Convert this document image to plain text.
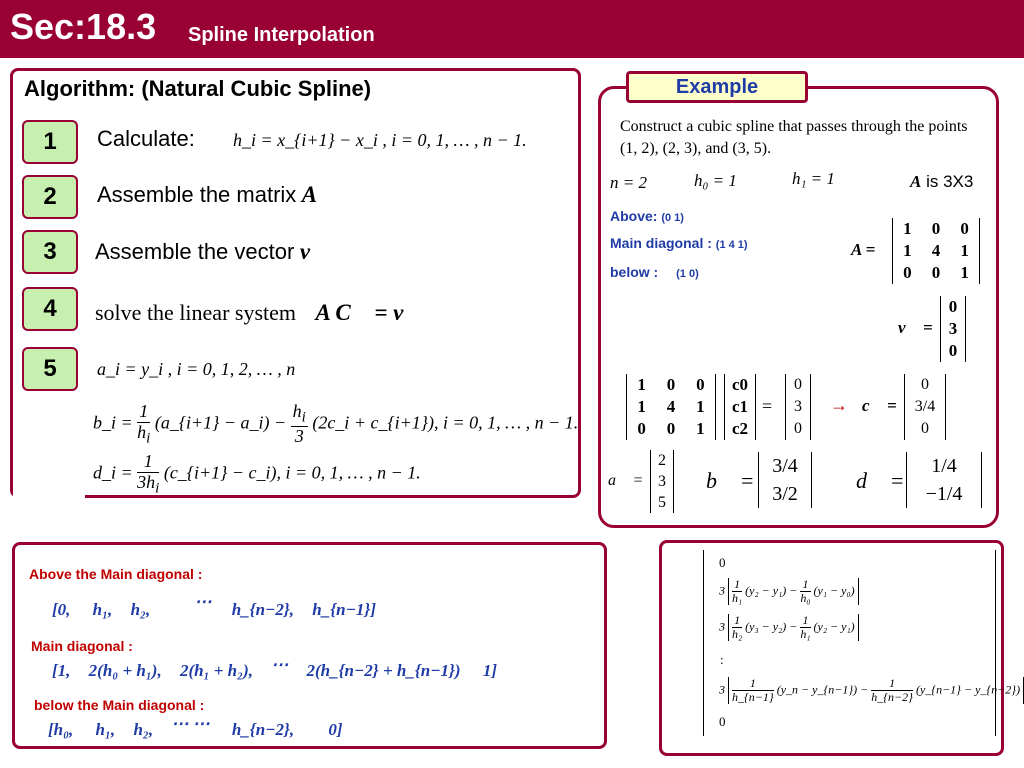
Sec:18.3 Spline Interpolation
Algorithm: (Natural Cubic Spline)
1
2
3
4
5
Calculate: h_i = x_{i+1} − x_i , i = 0, 1, … , n − 1.
Assemble the matrix A
Assemble the vector v
solve the linear system A C⃗ = v⃗
a_i = y_i , i = 0, 1, 2, … , n
b_i = $\frac{1}{h_i}$ (a_{i+1} − a_i) − $\frac{h_i}{3}$ (2c_i + c_{i+1}), i = 0, 1, … , n − 1.
d_i = $\frac{1}{3h_i}$ (c_{i+1} − c_i), i = 0, 1, … , n − 1.
Example
Construct a cubic spline that passes through the points (1, 2), (2, 3), and (3, 5).
n = 2	h₀ = 1	h₁ = 1	A is 3X3
Above: (0 1)
Main diagonal : (1 4 1)
below : (1 0)
A =
1	0	0
1	4	1
0	0	1
v⃗ =
0
3
0
1	0	0
1	4	1
0	0	1
c0
c1
c2
=
0
3
0
→ c⃗ =
0
3/4
0
a⃗ =
2
3
5
b⃗ =
3/4
3/2
d⃗ =
1/4
−1/4
Above the Main diagonal :
[0, h₁, h₂,	⋯ h_{n−2}, h_{n−1}]
Main diagonal :
[1, 2(h₀ + h₁), 2(h₁ + h₂), ⋯ 2(h_{n−2} + h_{n−1}) 1]
below the Main diagonal :
[h₀, h₁, h₂, ⋯ ⋯ h_{n−2}, 0]
0
$3 \frac{1}{\text{h₁}} (y_2 - y_1) - \frac{1}{\text{h₀}} (y_1 - y_0)$
$3 \frac{1}{\text{h₂}} (y_3 - y_2) - \frac{1}{\text{h₁}} (y_2 - y_1)$
:
$3 \frac{1}{h\_\{n-1\}}$ (y_n − y_{n−1}) − $\frac{1}{h\_\{n-2\}}$ (y_{n−1} − y_{n−2})
0
